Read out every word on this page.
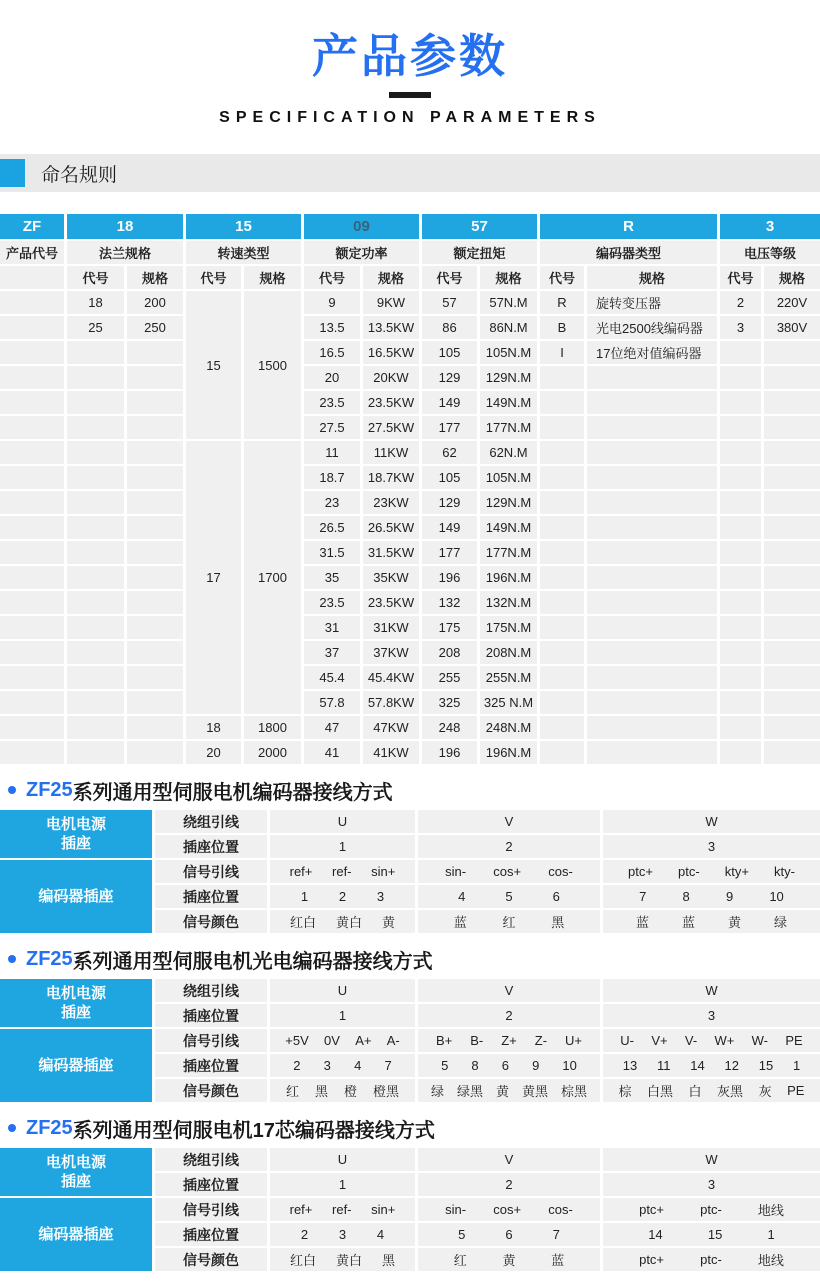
产品参数
SPECIFICATION PARAMETERS
命名规则
ZF	18		15		09		57		R		3	
产品代号	法兰规格		转速类型		额定功率		额定扭矩		编码器类型		电压等级	
	代号	规格	代号	规格	代号	规格	代号	规格	代号	规格	代号	规格
	18	200	15	1500	9	9KW	57	57N.M	R	旋转变压器	2	220V
	25	250			13.5	13.5KW	86	86N.M	B	光电2500线编码器	3	380V
					16.5	16.5KW	105	105N.M	I	17位绝对值编码器		
					20	20KW	129	129N.M				
					23.5	23.5KW	149	149N.M				
					27.5	27.5KW	177	177N.M				
			17	1700	11	11KW	62	62N.M				
					18.7	18.7KW	105	105N.M				
					23	23KW	129	129N.M				
					26.5	26.5KW	149	149N.M				
					31.5	31.5KW	177	177N.M				
					35	35KW	196	196N.M				
					23.5	23.5KW	132	132N.M				
					31	31KW	175	175N.M				
					37	37KW	208	208N.M				
					45.4	45.4KW	255	255N.M				
					57.8	57.8KW	325	325 N.M				
			18	1800	47	47KW	248	248N.M				
			20	2000	41	41KW	196	196N.M				
ZF25 系列通用型伺服电机编码器接线方式
电机电源
插座	绕组引线	U	V	W
	插座位置	1	2	3
编码器插座	信号引线	ref+ ref- sin+	sin- cos+ cos-	ptc+ ptc- kty+ kty-

	插座位置	1 2 3	4 5 6	7 8 9 10

	信号颜色	红白 黄白 黄	蓝 红 黑	蓝 蓝 黄 绿
ZF25 系列通用型伺服电机光电编码器接线方式
电机电源
插座	绕组引线	U	V	W
	插座位置	1	2	3
编码器插座	信号引线	+5V 0V A+ A-	B+ B- Z+ Z- U+	U- V+ V- W+ W- PE

插座位置	2 3 4 7	5 8 6 9 10	13 11 14 12 15 1

信号颜色	红 黑 橙 橙黑	绿 绿黑 黄 黄黑 棕黑	棕 白黑 白 灰黑 灰 PE
ZF25 系列通用型伺服电机17芯编码器接线方式
电机电源
插座	绕组引线	U	V	W
	插座位置	1	2	3
编码器插座	信号引线	ref+ ref- sin+	sin- cos+ cos-	ptc+ ptc- 地线

	插座位置	2 3 4	5 6 7	14 15 1

	信号颜色	红白 黄白 黑	红 黄 蓝	ptc+ ptc- 地线
